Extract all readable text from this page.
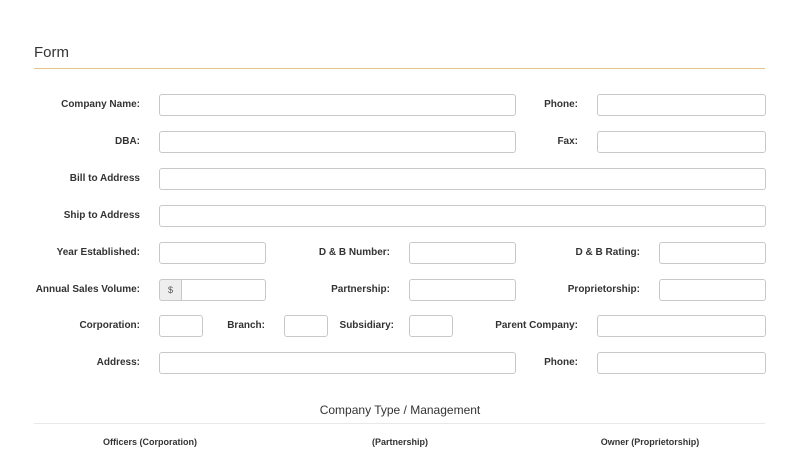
Form
Company Name:	Phone:
DBA:	Fax:
Bill to Address
Ship to Address
Year Established:	D & B Number:	D & B Rating:
Annual Sales Volume:	$	Partnership:	Proprietorship:
Corporation:	Branch:	Subsidiary:	Parent Company:
Address:	Phone:
Company Type / Management
Officers (Corporation)	(Partnership)	Owner (Proprietorship)
